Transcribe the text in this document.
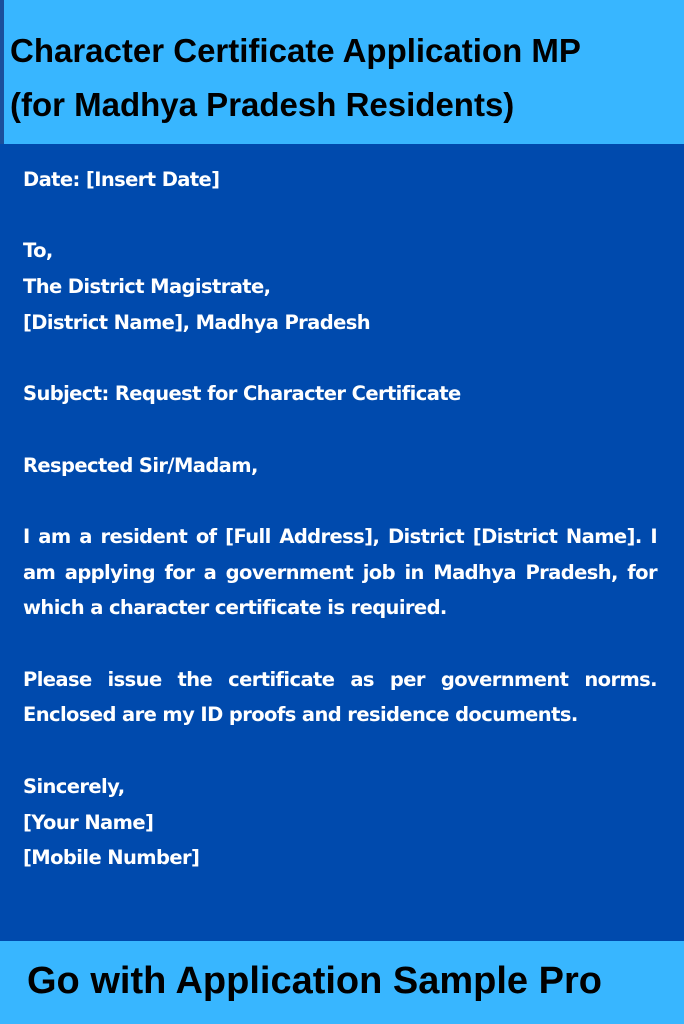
Character Certificate Application MP
(for Madhya Pradesh Residents)

Date: [Insert Date]

To,

The District Magistrate,

[District Name], Madhya Pradesh

Subject: Request for Character Certificate

Respected Sir/Madam,

I am a resident of [Full Address], District [District Name]. I am applying for a government job in Madhya Pradesh, for which a character certificate is required.

Please issue the certificate as per government norms. Enclosed are my ID proofs and residence documents.

Sincerely,

[Your Name]

[Mobile Number]

Go with Application Sample Pro
